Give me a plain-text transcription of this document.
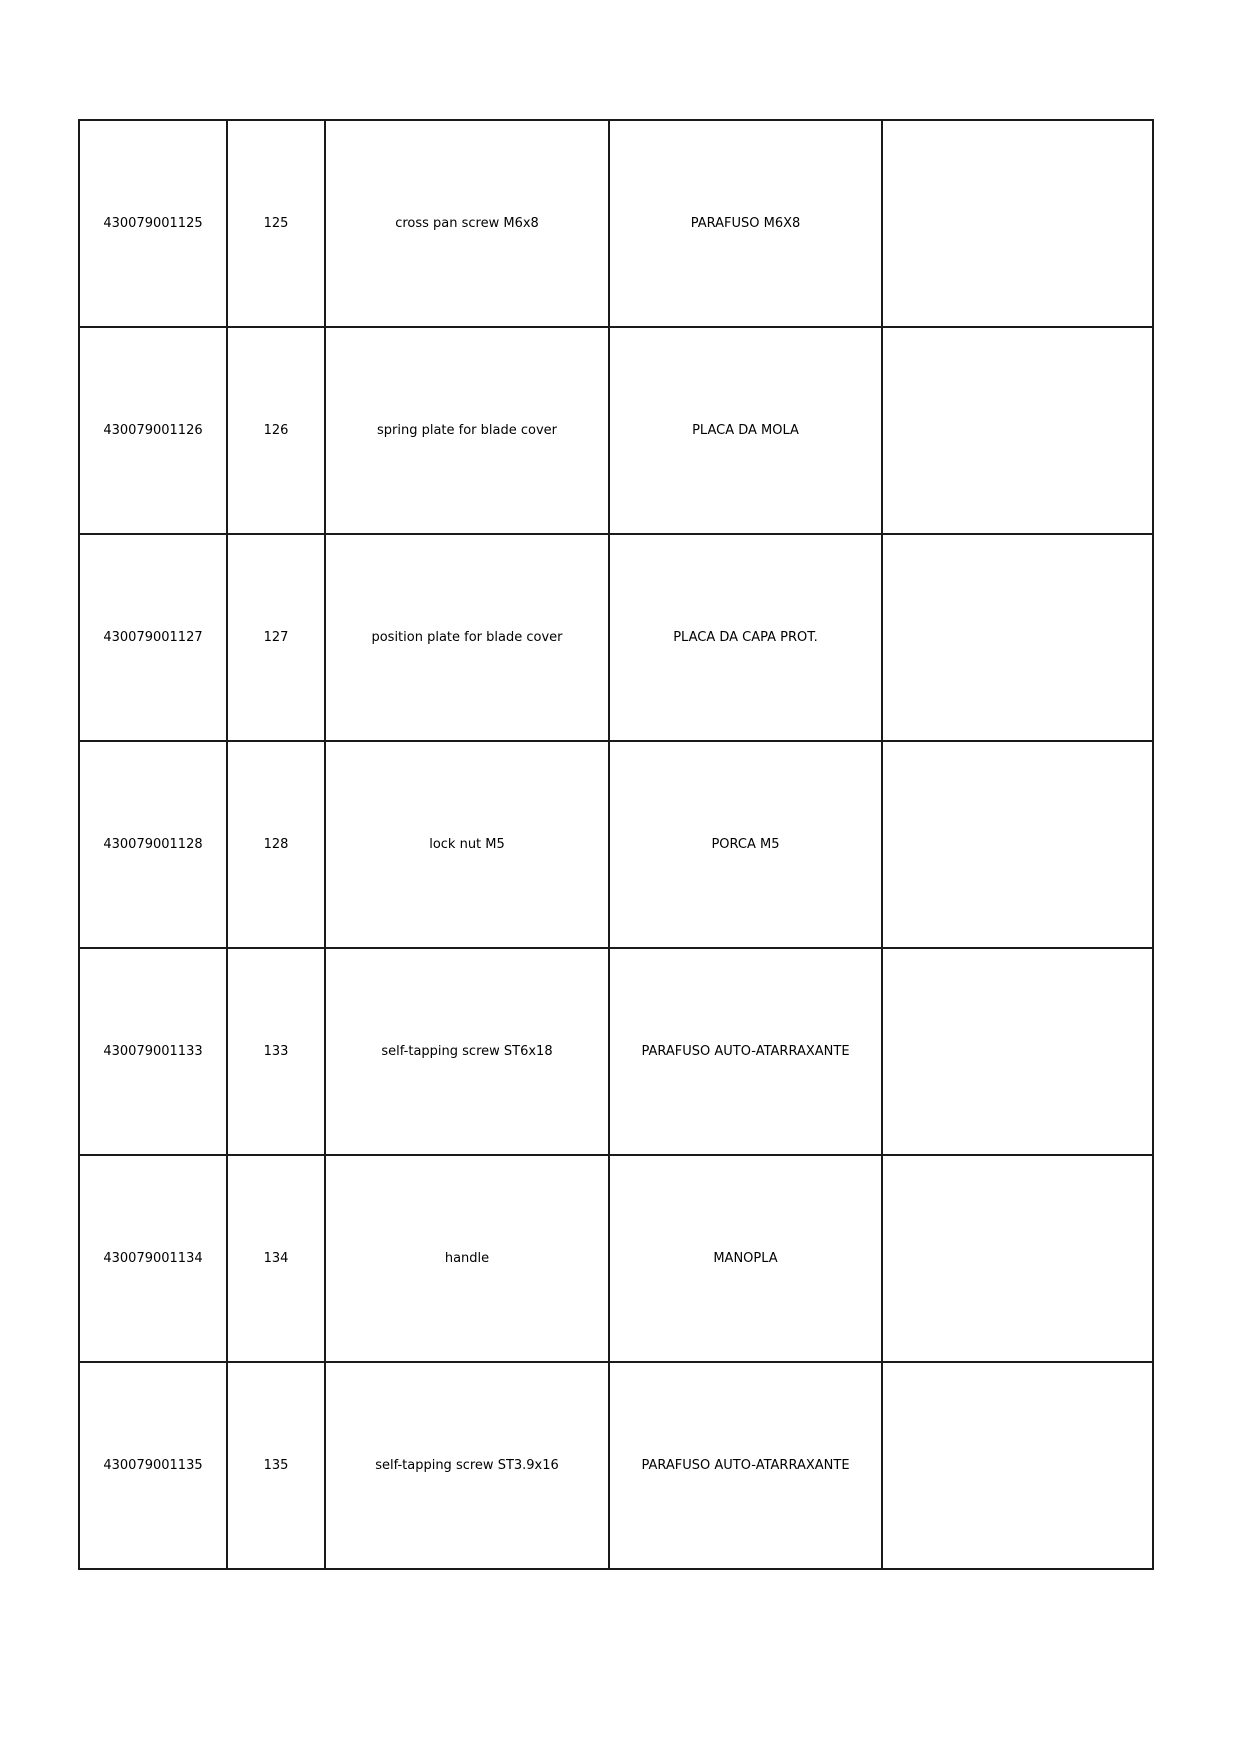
430079001125	125	cross pan screw M6x8	PARAFUSO M6X8	
430079001126	126	spring plate for blade cover	PLACA DA MOLA	
430079001127	127	position plate for blade cover	PLACA DA CAPA PROT.	
430079001128	128	lock nut M5	PORCA M5	
430079001133	133	self-tapping screw ST6x18	PARAFUSO AUTO-ATARRAXANTE	
430079001134	134	handle	MANOPLA	
430079001135	135	self-tapping screw ST3.9x16	PARAFUSO AUTO-ATARRAXANTE	
